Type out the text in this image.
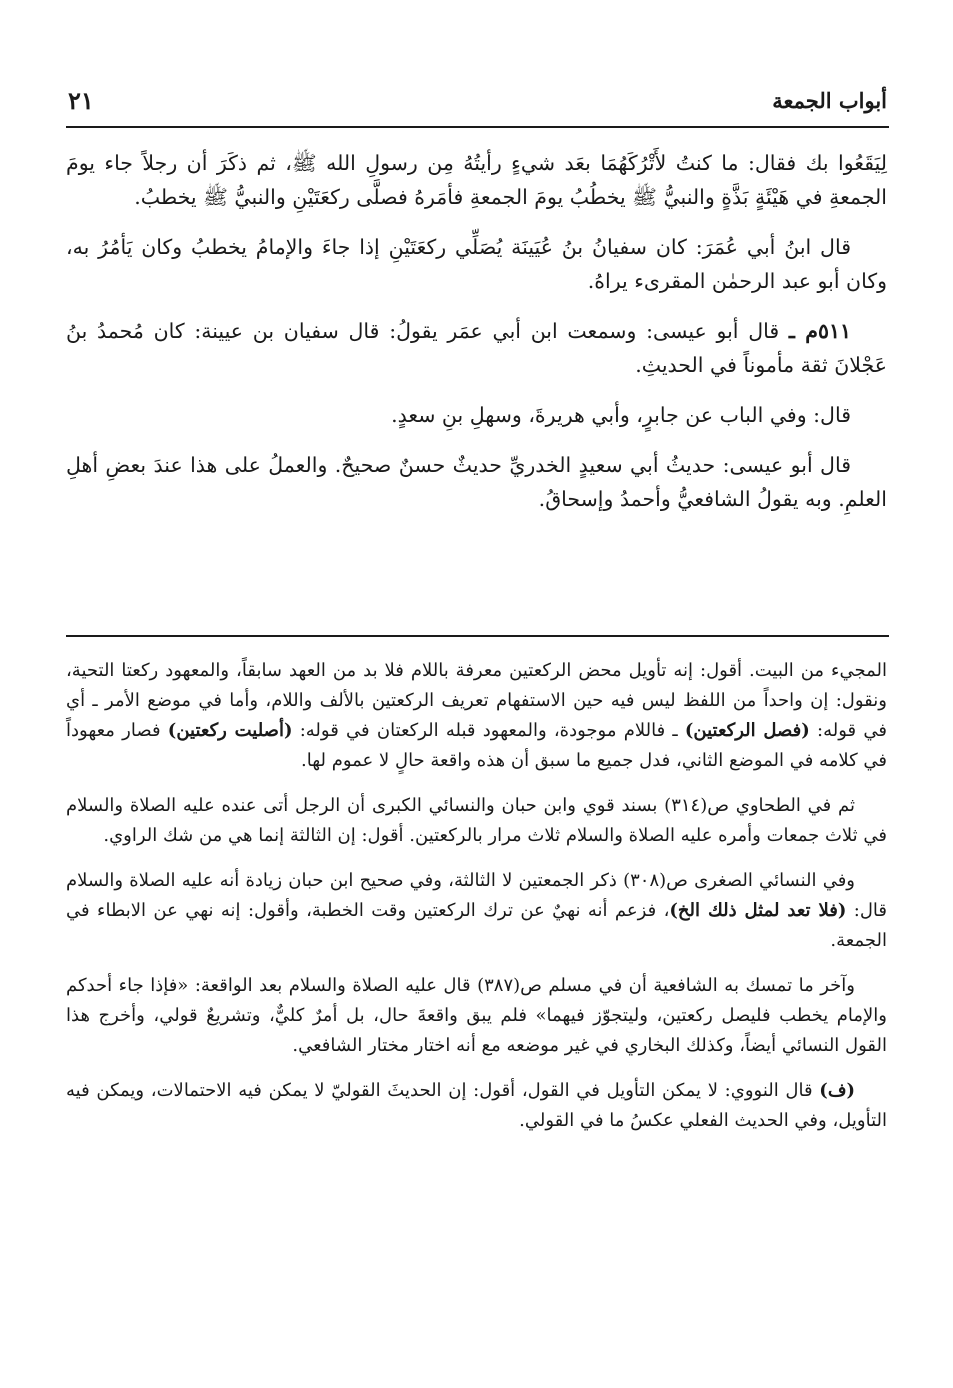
أبواب الجمعة
٢١

لِيَقَعُوا بك فقال: ما كنتُ لأَتْرُكَهُمَا بعَد شيءٍ رأيتُهُ مِن رسولِ الله ﷺ، ثم ذكَرَ أن رجلاً جاء يومَ الجمعةِ في هَيْئَةٍ بَذَّةٍ والنبيُّ ﷺ يخطُبُ يومَ الجمعةِ فأمَرهُ فصلَّى ركعَتَيْنِ والنبيُّ ﷺ يخطبُ.

قال ابنُ أبي عُمَرَ: كان سفيانُ بنُ عُيَينَة يُصَلِّي ركعَتَيْنِ إذا جاءَ والإمامُ يخطبُ وكان يَأمُرُ به، وكان أبو عبد الرحمٰن المقرىء يراهُ.

٥١١م ـ قال أبو عيسى: وسمعت ابن أبي عمَر يقولُ: قال سفيان بن عيينة: كان مُحمدُ بنُ عَجْلانَ ثقة مأموناً في الحديثِ.

قال: وفي الباب عن جابرٍ، وأبي هريرةَ، وسهلِ بنِ سعدٍ.

قال أبو عيسى: حديثُ أبي سعيدٍ الخدريِّ حديثٌ حسنٌ صحيحٌ. والعملُ على هذا عندَ بعضِ أهلِ العلمِ. وبه يقولُ الشافعيُّ وأحمدُ وإسحاقُ.

المجيء من البيت. أقول: إنه تأويل محض الركعتين معرفة باللام فلا بد من العهد سابقاً، والمعهود ركعتا التحية، ونقول: إن واحداً من اللفظ ليس فيه حين الاستفهام تعريف الركعتين بالألف واللام، وأما في موضع الأمر ـ أي في قوله: (فصل الركعتين) ـ فاللام موجودة، والمعهود قبله الركعتان في قوله: (أصليت ركعتين) فصار معهوداً في كلامه في الموضع الثاني، فدل جميع ما سبق أن هذه واقعة حالٍ لا عموم لها.

ثم في الطحاوي ص(٣١٤) بسند قوي وابن حبان والنسائي الكبرى أن الرجل أتى عنده عليه الصلاة والسلام في ثلاث جمعات وأمره عليه الصلاة والسلام ثلاث مرار بالركعتين. أقول: إن الثالثة إنما هي من شك الراوي.

وفي النسائي الصغرى ص(٣٠٨) ذكر الجمعتين لا الثالثة، وفي صحيح ابن حبان زيادة أنه عليه الصلاة والسلام قال: (فلا تعد لمثل ذلك الخ)، فزعم أنه نهيٌ عن ترك الركعتين وقت الخطبة، وأقول: إنه نهي عن الابطاء في الجمعة.

وآخر ما تمسك به الشافعية أن في مسلم ص(٣٨٧) قال عليه الصلاة والسلام بعد الواقعة: «فإذا جاء أحدكم والإمام يخطب فليصل ركعتين، وليتجوّز فيهما» فلم يبق واقعةَ حال، بل أمرٌ كليٌّ، وتشريعٌ قولي، وأخرج هذا القول النسائي أيضاً، وكذلك البخاري في غير موضعه مع أنه اختار مختار الشافعي.

(ف) قال النووي: لا يمكن التأويل في القول، أقول: إن الحديثَ القوليّ لا يمكن فيه الاحتمالات، ويمكن فيه التأويل، وفي الحديث الفعلي عكسُ ما في القولي.
